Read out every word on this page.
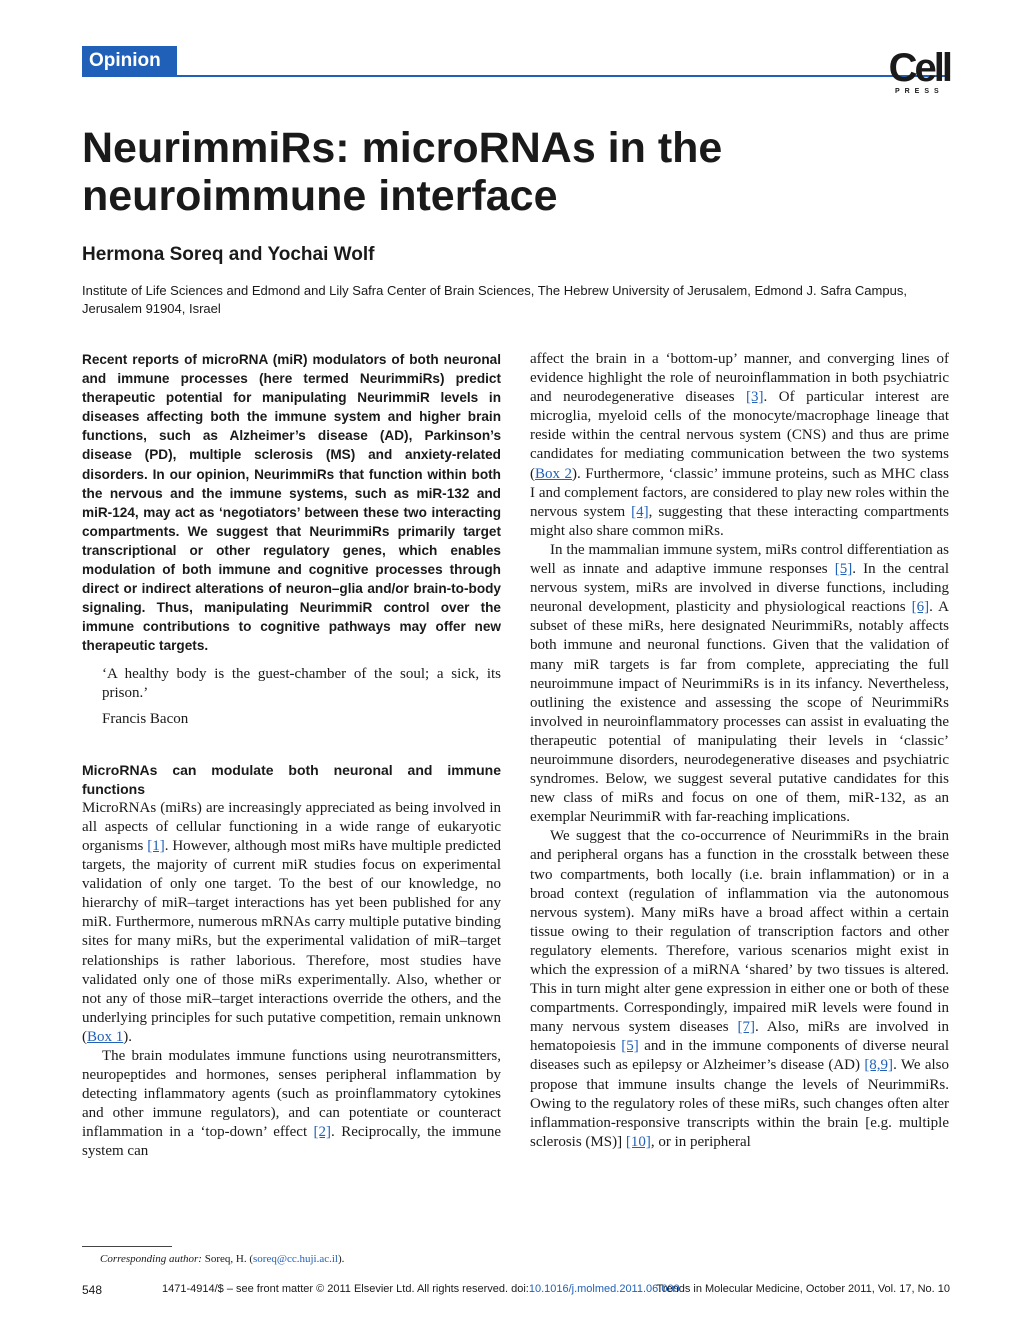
Opinion	Cell
PRESS
NeurimmiRs: microRNAs in the neuroimmune interface
Hermona Soreq and Yochai Wolf
Institute of Life Sciences and Edmond and Lily Safra Center of Brain Sciences, The Hebrew University of Jerusalem, Edmond J. Safra Campus, Jerusalem 91904, Israel

Recent reports of microRNA (miR) modulators of both neuronal and immune processes (here termed NeurimmiRs) predict therapeutic potential for manipulating NeurimmiR levels in diseases affecting both the immune system and higher brain functions, such as Alzheimer’s disease (AD), Parkinson’s disease (PD), multiple sclerosis (MS) and anxiety-related disorders. In our opinion, NeurimmiRs that function within both the nervous and the immune systems, such as miR-132 and miR-124, may act as ‘negotiators’ between these two interacting compartments. We suggest that NeurimmiRs primarily target transcriptional or other regulatory genes, which enables modulation of both immune and cognitive processes through direct or indirect alterations of neuron–glia and/or brain-to-body signaling. Thus, manipulating NeurimmiR control over the immune contributions to cognitive pathways may offer new therapeutic targets.

‘A healthy body is the guest-chamber of the soul; a sick, its prison.’

Francis Bacon

MicroRNAs can modulate both neuronal and immune functions

MicroRNAs (miRs) are increasingly appreciated as being involved in all aspects of cellular functioning in a wide range of eukaryotic organisms [1]. However, although most miRs have multiple predicted targets, the majority of current miR studies focus on experimental validation of only one target. To the best of our knowledge, no hierarchy of miR–target interactions has yet been published for any miR. Furthermore, numerous mRNAs carry multiple putative binding sites for many miRs, but the experimental validation of miR–target relationships is rather laborious. Therefore, most studies have validated only one of those miRs experimentally. Also, whether or not any of those miR–target interactions override the others, and the underlying principles for such putative competition, remain unknown (Box 1).

The brain modulates immune functions using neurotransmitters, neuropeptides and hormones, senses peripheral inflammation by detecting inflammatory agents (such as proinflammatory cytokines and other immune regulators), and can potentiate or counteract inflammation in a ‘top-down’ effect [2]. Reciprocally, the immune system can

affect the brain in a ‘bottom-up’ manner, and converging lines of evidence highlight the role of neuroinflammation in both psychiatric and neurodegenerative diseases [3]. Of particular interest are microglia, myeloid cells of the monocyte/macrophage lineage that reside within the central nervous system (CNS) and thus are prime candidates for mediating communication between the two systems (Box 2). Furthermore, ‘classic’ immune proteins, such as MHC class I and complement factors, are considered to play new roles within the nervous system [4], suggesting that these interacting compartments might also share common miRs.

In the mammalian immune system, miRs control differentiation as well as innate and adaptive immune responses [5]. In the central nervous system, miRs are involved in diverse functions, including neuronal development, plasticity and physiological reactions [6]. A subset of these miRs, here designated NeurimmiRs, notably affects both immune and neuronal functions. Given that the validation of many miR targets is far from complete, appreciating the full neuroimmune impact of NeurimmiRs is in its infancy. Nevertheless, outlining the existence and assessing the scope of NeurimmiRs involved in neuroinflammatory processes can assist in evaluating the therapeutic potential of manipulating their levels in ‘classic’ neuroimmune disorders, neurodegenerative diseases and psychiatric syndromes. Below, we suggest several putative candidates for this new class of miRs and focus on one of them, miR-132, as an exemplar NeurimmiR with far-reaching implications.

We suggest that the co-occurrence of NeurimmiRs in the brain and peripheral organs has a function in the crosstalk between these two compartments, both locally (i.e. brain inflammation) or in a broad context (regulation of inflammation via the autonomous nervous system). Many miRs have a broad affect within a certain tissue owing to their regulation of transcription factors and other regulatory elements. Therefore, various scenarios might exist in which the expression of a miRNA ‘shared’ by two tissues is altered. This in turn might alter gene expression in either one or both of these compartments. Correspondingly, impaired miR levels were found in many nervous system diseases [7]. Also, miRs are involved in hematopoiesis [5] and in the immune components of diverse neural diseases such as epilepsy or Alzheimer’s disease (AD) [8,9]. We also propose that immune insults change the levels of NeurimmiRs. Owing to the regulatory roles of these miRs, such changes often alter inflammation-responsive transcripts within the brain [e.g. multiple sclerosis (MS)] [10], or in peripheral

Corresponding author: Soreq, H. (soreq@cc.huji.ac.il).
548	1471-4914/$ – see front matter © 2011 Elsevier Ltd. All rights reserved. doi:10.1016/j.molmed.2011.06.009
Trends in Molecular Medicine, October 2011, Vol. 17, No. 10
